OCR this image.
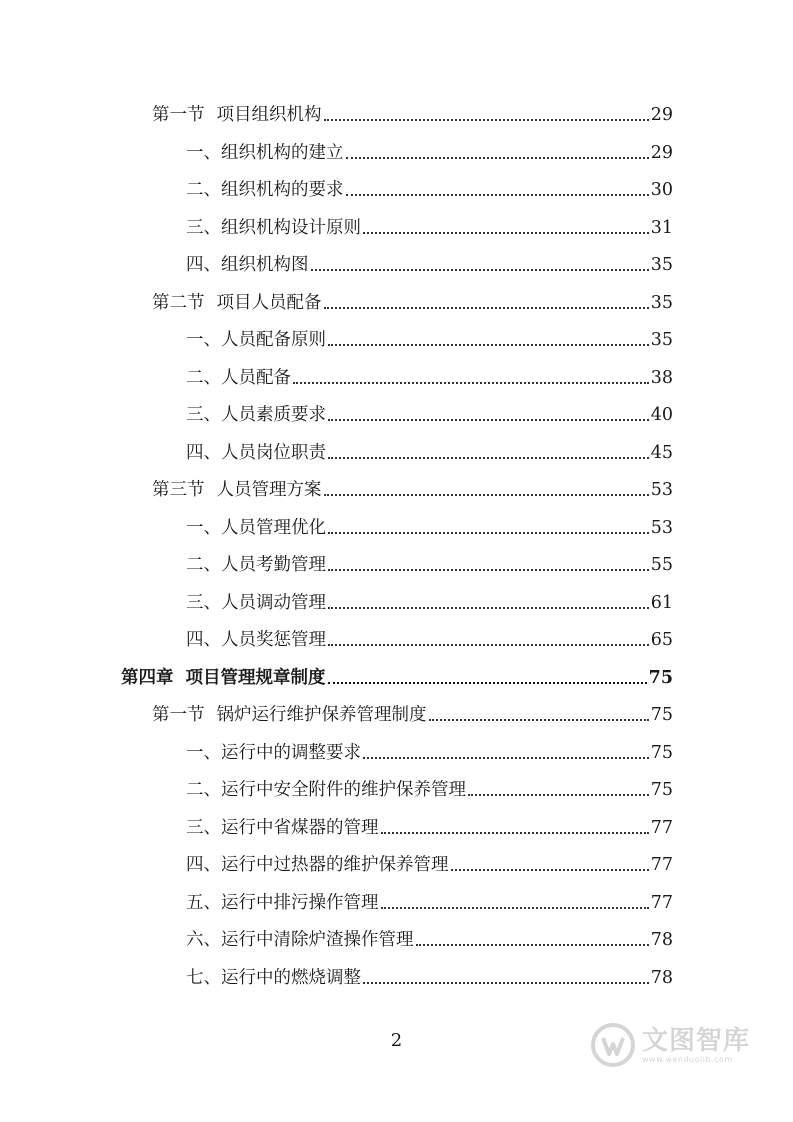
第一节 项目组织机构	29
一、组织机构的建立	29
二、组织机构的要求	30
三、组织机构设计原则	31
四、组织机构图	35
第二节 项目人员配备	35
一、人员配备原则	35
二、人员配备	38
三、人员素质要求	40
四、人员岗位职责	45
第三节 人员管理方案	53
一、人员管理优化	53
二、人员考勤管理	55
三、人员调动管理	61
四、人员奖惩管理	65
第四章 项目管理规章制度	75
第一节 锅炉运行维护保养管理制度	75
一、运行中的调整要求	75
二、运行中安全附件的维护保养管理	75
三、运行中省煤器的管理	77
四、运行中过热器的维护保养管理	77
五、运行中排污操作管理	77
六、运行中清除炉渣操作管理	78
七、运行中的燃烧调整	78
2	文图智库
www.wenduolib.com
